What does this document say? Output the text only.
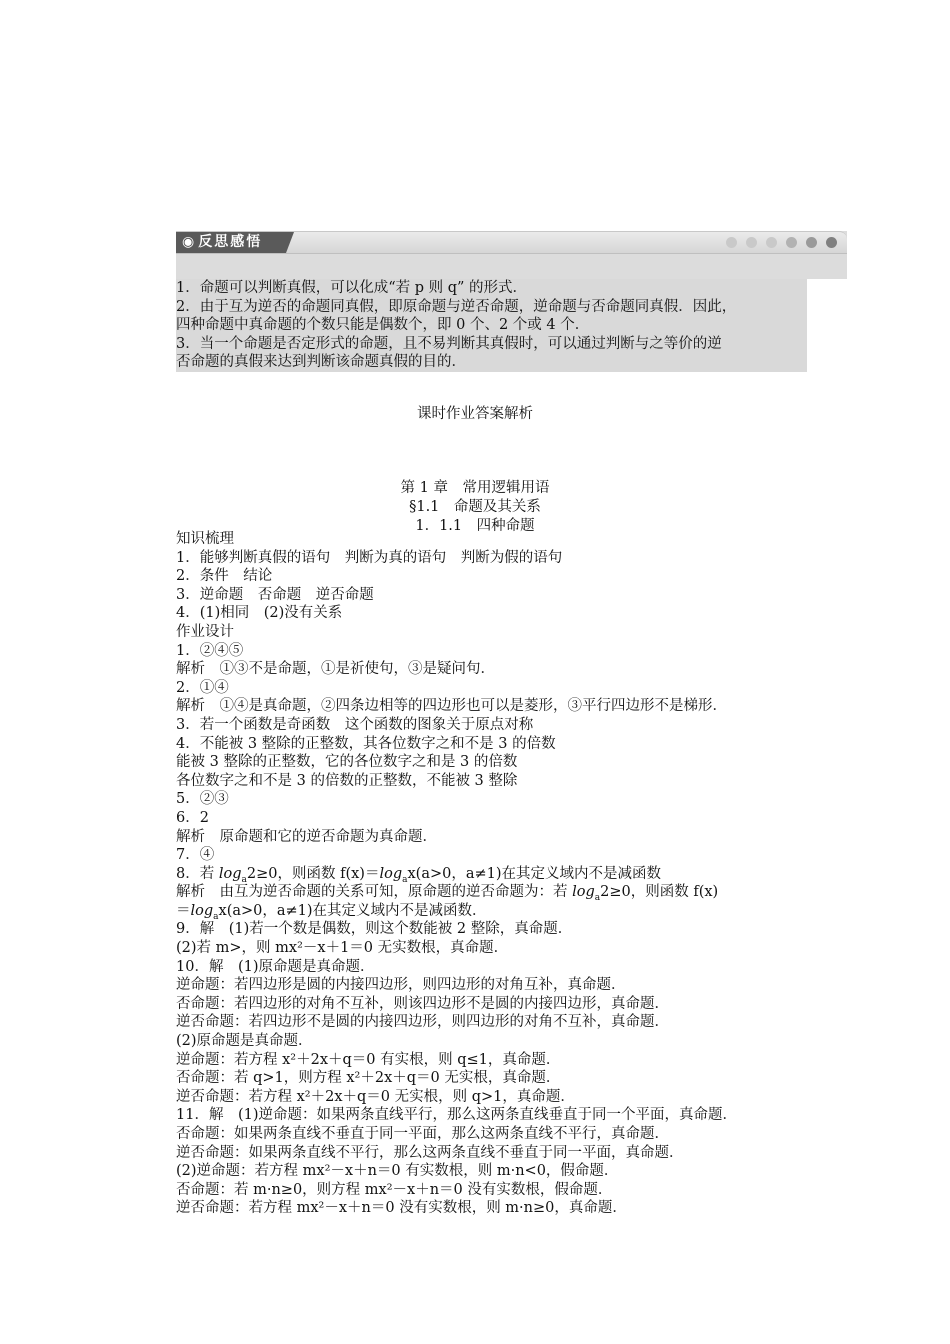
◉ 反思感悟

1．命题可以判断真假，可以化成“若 p 则 q” 的形式．

2．由于互为逆否的命题同真假，即原命题与逆否命题，逆命题与否命题同真假．因此，

四种命题中真命题的个数只能是偶数个，即 0 个、2 个或 4 个．

3．当一个命题是否定形式的命题，且不易判断其真假时，可以通过判断与之等价的逆

否命题的真假来达到判断该命题真假的目的．

课时作业答案解析
第 1 章　常用逻辑用语
§1.1　命题及其关系
1．1.1　四种命题

知识梳理

1．能够判断真假的语句　判断为真的语句　判断为假的语句

2．条件　结论

3．逆命题　否命题　逆否命题

4．(1)相同　(2)没有关系

作业设计

1．②④⑤

解析　①③不是命题，①是祈使句，③是疑问句．

2．①④

解析　①④是真命题，②四条边相等的四边形也可以是菱形，③平行四边形不是梯形．

3．若一个函数是奇函数　这个函数的图象关于原点对称

4．不能被 3 整除的正整数，其各位数字之和不是 3 的倍数

能被 3 整除的正整数，它的各位数字之和是 3 的倍数

各位数字之和不是 3 的倍数的正整数，不能被 3 整除

5．②③

6．2

解析　原命题和它的逆否命题为真命题．

7．④

8．若 $\log_a2\ge 0$，则函数 $f(x)=\log_ax(a>0$，a≠1)在其定义域内不是减函数

解析　由互为逆否命题的关系可知，原命题的逆否命题为：若 $\log_a2\ge 0$，则函数 f(x)

$=\log_ax(a>0$，a≠1)在其定义域内不是减函数．

9．解　(1)若一个数是偶数，则这个数能被 2 整除，真命题．

(2)若 m>，则 mx²－x＋1＝0 无实数根，真命题．

10．解　(1)原命题是真命题．

逆命题：若四边形是圆的内接四边形，则四边形的对角互补，真命题．

否命题：若四边形的对角不互补，则该四边形不是圆的内接四边形，真命题．

逆否命题：若四边形不是圆的内接四边形，则四边形的对角不互补，真命题．

(2)原命题是真命题．

逆命题：若方程 x²＋2x＋q＝0 有实根，则 q≤1，真命题．

否命题：若 q>1，则方程 x²＋2x＋q＝0 无实根，真命题．

逆否命题：若方程 x²＋2x＋q＝0 无实根，则 q>1，真命题．

11．解　(1)逆命题：如果两条直线平行，那么这两条直线垂直于同一个平面，真命题．

否命题：如果两条直线不垂直于同一平面，那么这两条直线不平行，真命题．

逆否命题：如果两条直线不平行，那么这两条直线不垂直于同一平面，真命题．

(2)逆命题：若方程 mx²－x＋n＝0 有实数根，则 m·n<0，假命题．

否命题：若 m·n≥0，则方程 mx²－x＋n＝0 没有实数根，假命题．

逆否命题：若方程 mx²－x＋n＝0 没有实数根，则 m·n≥0，真命题．
